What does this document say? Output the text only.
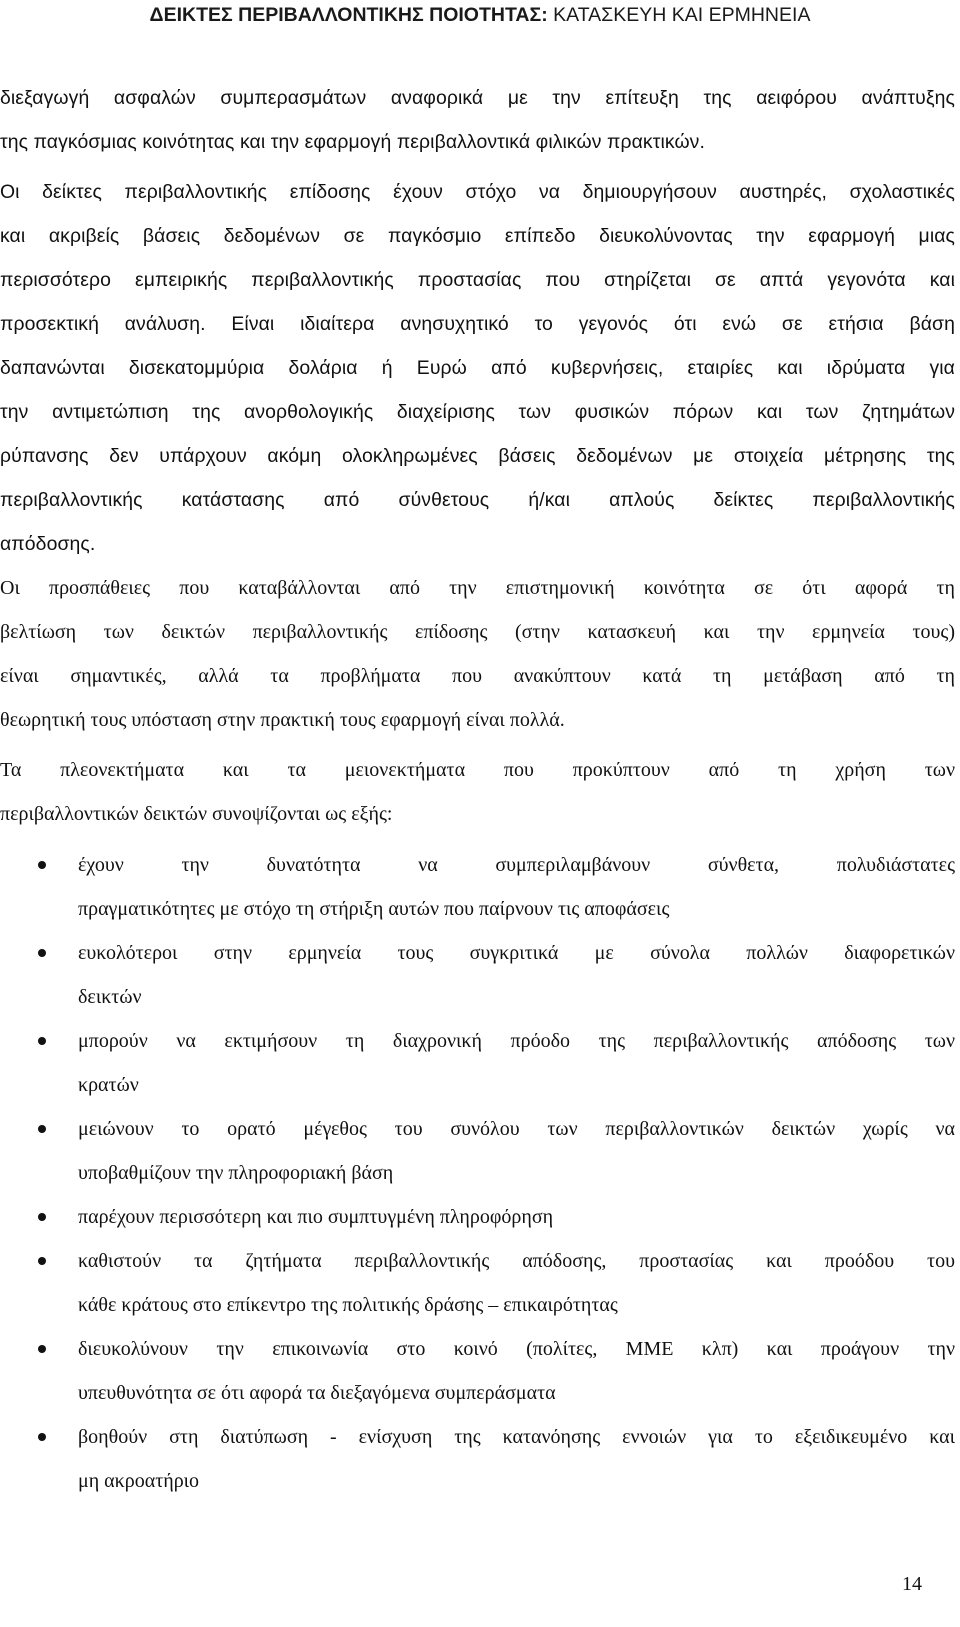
ΔΕΙΚΤΕΣ ΠΕΡΙΒΑΛΛΟΝΤΙΚΗΣ ΠΟΙΟΤΗΤΑΣ: ΚΑΤΑΣΚΕΥΗ ΚΑΙ ΕΡΜΗΝΕΙΑ
διεξαγωγή ασφαλών συμπερασμάτων αναφορικά με την επίτευξη της αειφόρου ανάπτυξης
της παγκόσμιας κοινότητας και την εφαρμογή περιβαλλοντικά φιλικών πρακτικών.
Οι δείκτες περιβαλλοντικής επίδοσης έχουν στόχο να δημιουργήσουν αυστηρές, σχολαστικές
και ακριβείς βάσεις δεδομένων σε παγκόσμιο επίπεδο διευκολύνοντας την εφαρμογή μιας
περισσότερο εμπειρικής περιβαλλοντικής προστασίας που στηρίζεται σε απτά γεγονότα και
προσεκτική ανάλυση. Είναι ιδιαίτερα ανησυχητικό το γεγονός ότι ενώ σε ετήσια βάση
δαπανώνται δισεκατομμύρια δολάρια ή Ευρώ από κυβερνήσεις, εταιρίες και ιδρύματα για
την αντιμετώπιση της ανορθολογικής διαχείρισης των φυσικών πόρων και των ζητημάτων
ρύπανσης δεν υπάρχουν ακόμη ολοκληρωμένες βάσεις δεδομένων με στοιχεία μέτρησης της
περιβαλλοντικής κατάστασης από σύνθετους ή/και απλούς δείκτες περιβαλλοντικής
απόδοσης.
Οι προσπάθειες που καταβάλλονται από την επιστημονική κοινότητα σε ότι αφορά τη
βελτίωση των δεικτών περιβαλλοντικής επίδοσης (στην κατασκευή και την ερμηνεία τους)
είναι σημαντικές, αλλά τα προβλήματα που ανακύπτουν κατά τη μετάβαση από τη
θεωρητική τους υπόσταση στην πρακτική τους εφαρμογή είναι πολλά.
Τα πλεονεκτήματα και τα μειονεκτήματα που προκύπτουν από τη χρήση των
περιβαλλοντικών δεικτών συνοψίζονται ως εξής:
έχουν την δυνατότητα να συμπεριλαμβάνουν σύνθετα, πολυδιάστατες
πραγματικότητες με στόχο τη στήριξη αυτών που παίρνουν τις αποφάσεις
ευκολότεροι στην ερμηνεία τους συγκριτικά με σύνολα πολλών διαφορετικών
δεικτών
μπορούν να εκτιμήσουν τη διαχρονική πρόοδο της περιβαλλοντικής απόδοσης των
κρατών
μειώνουν το ορατό μέγεθος του συνόλου των περιβαλλοντικών δεικτών χωρίς να
υποβαθμίζουν την πληροφοριακή βάση
παρέχουν περισσότερη και πιο συμπτυγμένη πληροφόρηση
καθιστούν τα ζητήματα περιβαλλοντικής απόδοσης, προστασίας και προόδου του
κάθε κράτους στο επίκεντρο της πολιτικής δράσης – επικαιρότητας
διευκολύνουν την επικοινωνία στο κοινό (πολίτες, ΜΜΕ κλπ) και προάγουν την
υπευθυνότητα σε ότι αφορά τα διεξαγόμενα συμπεράσματα
βοηθούν στη διατύπωση - ενίσχυση της κατανόησης εννοιών για το εξειδικευμένο και
μη ακροατήριο
14
